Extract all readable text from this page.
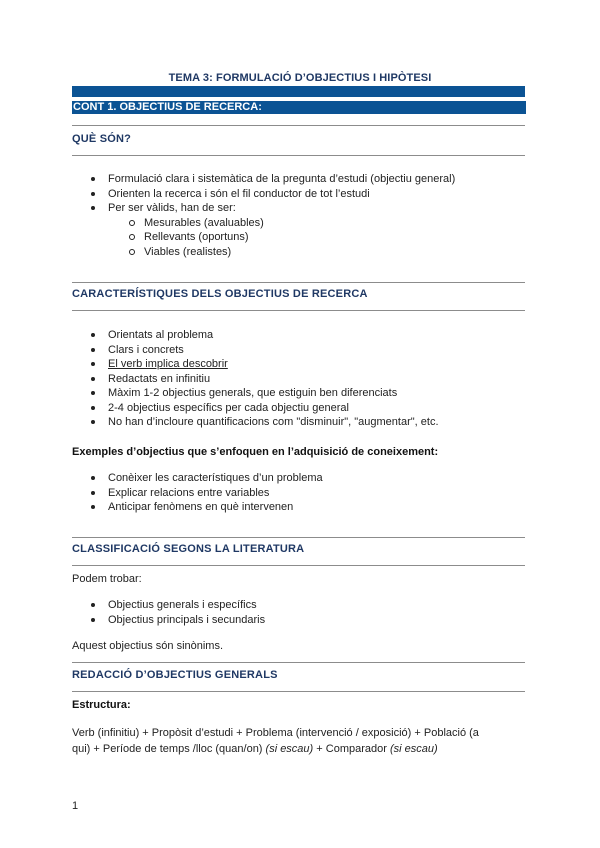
TEMA 3: FORMULACIÓ D’OBJECTIUS I HIPÒTESI
CONT 1. OBJECTIUS DE RECERCA:
QUÈ SÓN?
Formulació clara i sistemàtica de la pregunta d’estudi (objectiu general)
Orienten la recerca i són el fil conductor de tot l’estudi
Per ser vàlids, han de ser:
Mesurables (avaluables)
Rellevants (oportuns)
Viables (realistes)
CARACTERÍSTIQUES DELS OBJECTIUS DE RECERCA
Orientats al problema
Clars i concrets
El verb implica descobrir
Redactats en infinitiu
Màxim 1-2 objectius generals, que estiguin ben diferenciats
2-4 objectius específics per cada objectiu general
No han d’incloure quantificacions com "disminuir", "augmentar", etc.
Exemples d’objectius que s’enfoquen en l’adquisició de coneixement:
Conèixer les característiques d’un problema
Explicar relacions entre variables
Anticipar fenòmens en què intervenen
CLASSIFICACIÓ SEGONS LA LITERATURA
Podem trobar:
Objectius generals i específics
Objectius principals i secundaris
Aquest objectius són sinònims.
REDACCIÓ D’OBJECTIUS GENERALS
Estructura:
Verb (infinitiu) + Propòsit d’estudi + Problema (intervenció / exposició) + Població (a
qui) + Període de temps /lloc (quan/on) (si escau) + Comparador (si escau)
1
